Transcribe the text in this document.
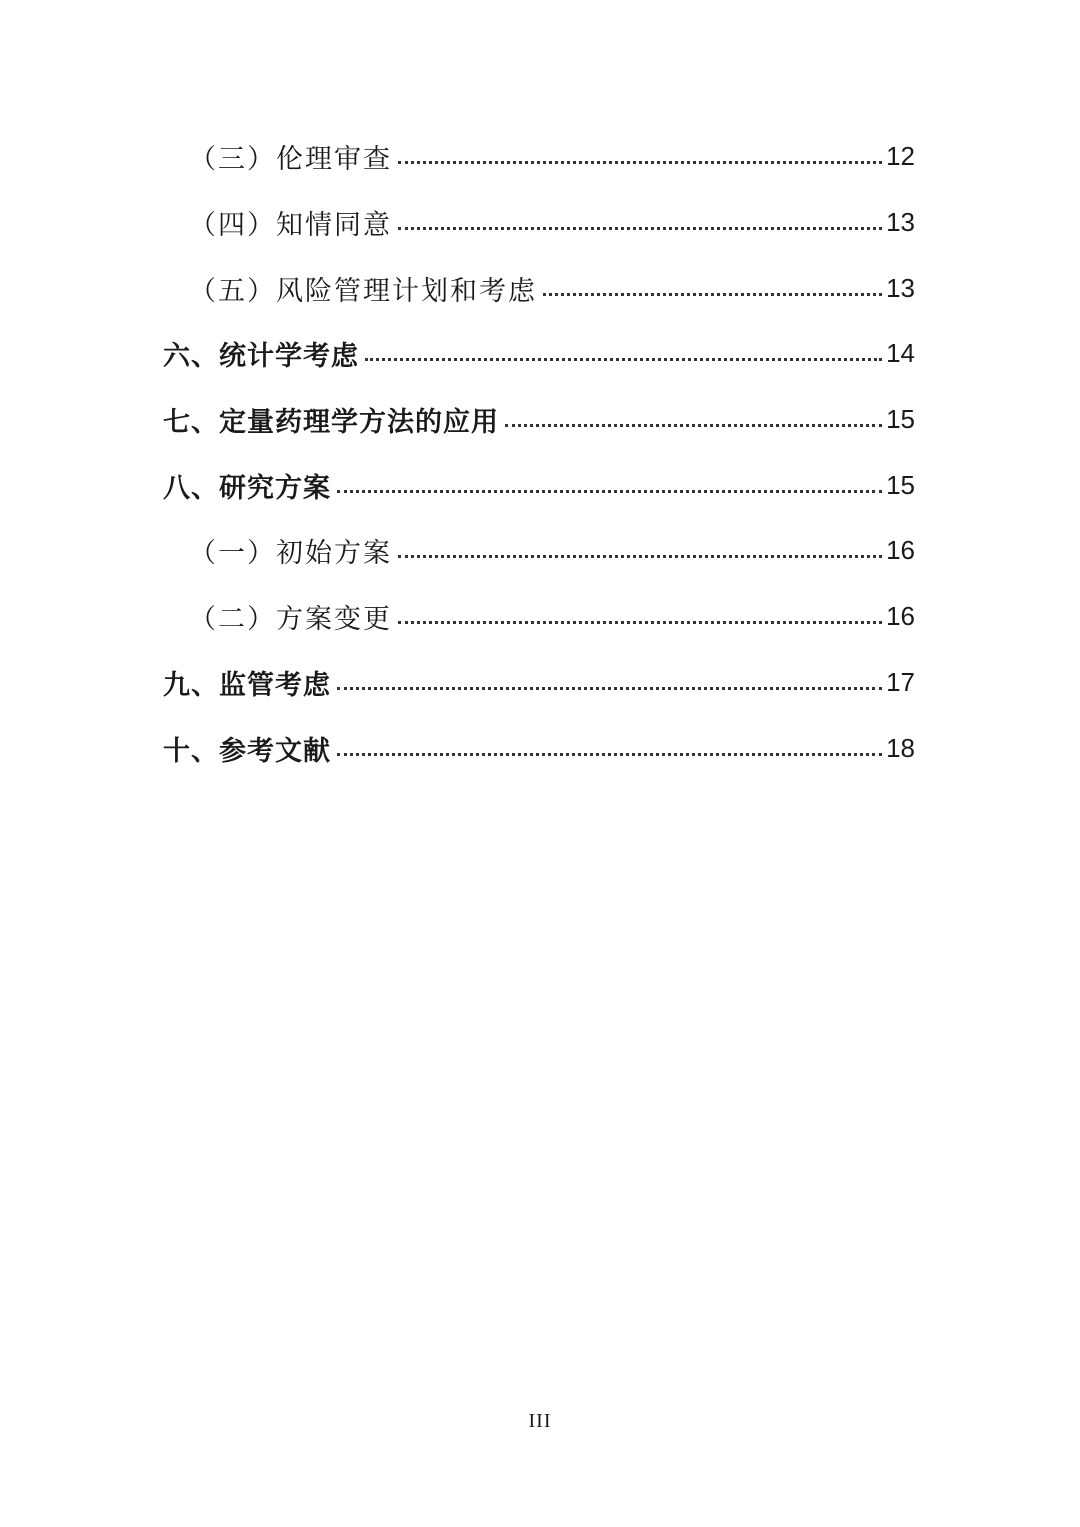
（三）伦理审查	12
（四）知情同意	13
（五）风险管理计划和考虑	13
六、统计学考虑	14
七、定量药理学方法的应用	15
八、研究方案	15
（一）初始方案	16
（二）方案变更	16
九、监管考虑	17
十、参考文献	18
III
